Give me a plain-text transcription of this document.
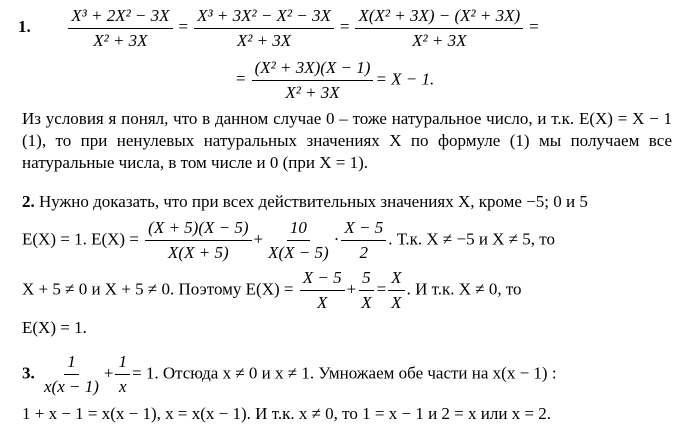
1. $\frac{\text{X³ + 2X² − 3X}}{\text{X² + 3X}} = \frac{\text{X³ + 3X² − X² − 3X}}{\text{X² + 3X}} = \frac{\text{X(X² + 3X) − (X² + 3X)}}{\text{X² + 3X}}$ =
= $\frac{\text{(X² + 3X)(X − 1)}}{\text{X² + 3X}} = X - 1$.
Из условия я понял, что в данном случае 0 – тоже натуральное число, и т.к. E(X) = X − 1 (1), то при ненулевых натуральных значениях X по формуле (1) мы получаем все натуральные числа, в том числе и 0 (при X = 1).
2. Нужно доказать, что при всех действительных значениях X, кроме −5; 0 и 5
E(X) = 1. $E(X) = \frac{(X + 5)(X - 5)}{X(X + 5)} + \frac{10}{X(X - 5)} \cdot \frac{X - 5}{2}$ . Т.к. X ≠ −5 и X ≠ 5, то
X + 5 ≠ 0 и X + 5 ≠ 0. Поэтому $E(X) = \frac{X - 5}{X} + \frac{5}{X} = \frac{X}{X}$ . И т.к. X ≠ 0, то
E(X) = 1.
3. $\frac{1}{x(x - 1)} + \frac{1}{x} = 1$. Отсюда x ≠ 0 и x ≠ 1. Умножаем обе части на x(x − 1) :
1 + x − 1 = x(x − 1), x = x(x − 1). И т.к. x ≠ 0, то 1 = x − 1 и 2 = x или x = 2.
